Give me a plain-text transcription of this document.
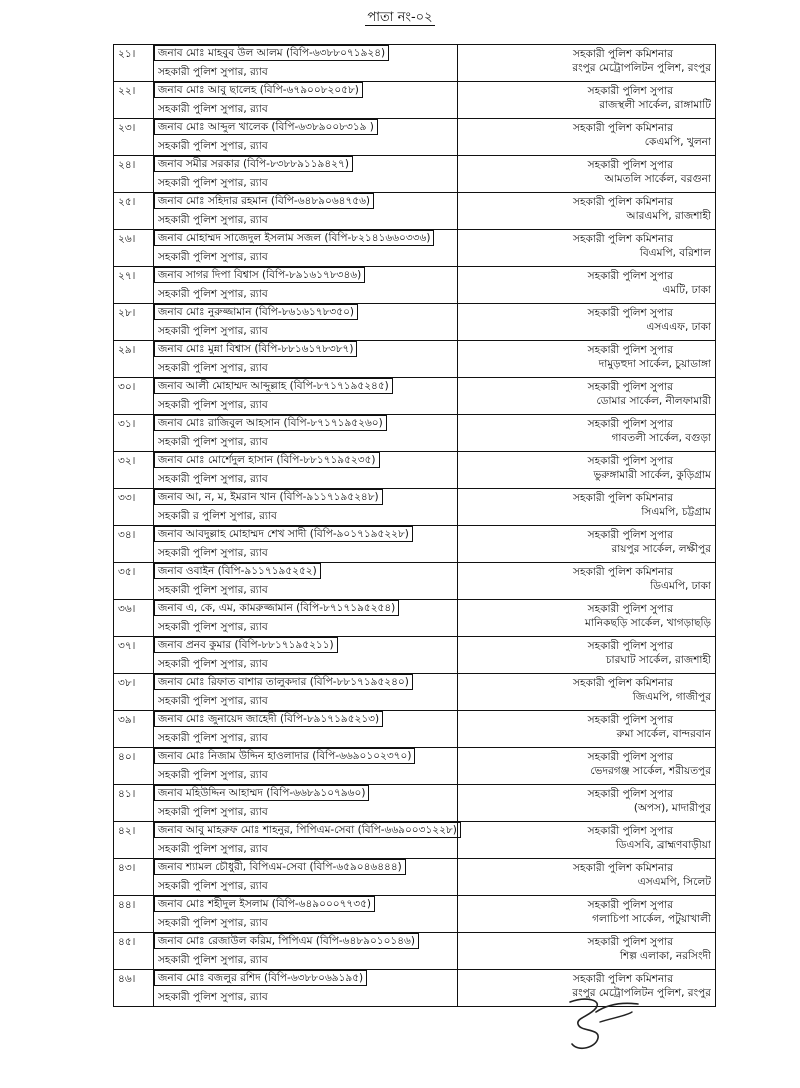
পাতা নং-০২
২১।	জনাব মোঃ মাহবুব উল আলম (বিপি-৬৩৮৮০৭১৯২৪)
সহকারী পুলিশ সুপার, র‍্যাব	সহকারী পুলিশ কমিশনার
রংপুর মেট্রোপলিটন পুলিশ, রংপুর

২২।	জনাব মোঃ আবু ছালেহ (বিপি-৬৭৯০০৮২০৫৮)
সহকারী পুলিশ সুপার, র‍্যাব	সহকারী পুলিশ সুপার
রাজস্থলী সার্কেল, রাঙ্গামাটি

২৩।	জনাব মোঃ আব্দুল খালেক (বিপি-৬৩৮৯০০৮৩১৯ )
সহকারী পুলিশ সুপার, র‍্যাব	সহকারী পুলিশ কমিশনার
কেএমপি, খুলনা

২৪।	জনাব সমীর সরকার (বিপি-৮৩৮৮৯১১৯৪২৭)
সহকারী পুলিশ সুপার, র‍্যাব	সহকারী পুলিশ সুপার
আমতলি সার্কেল, বরগুনা

২৫।	জনাব মোঃ সহিদার রহমান (বিপি-৬৪৮৯০৬৪৭৫৬)
সহকারী পুলিশ সুপার, র‍্যাব	সহকারী পুলিশ কমিশনার
আরএমপি, রাজশাহী

২৬।	জনাব মোহাম্মদ সাজেদুল ইসলাম সজল (বিপি-৮২১৪১৬৬০৩৩৬)
সহকারী পুলিশ সুপার, র‍্যাব	সহকারী পুলিশ কমিশনার
বিএমপি, বরিশাল

২৭।	জনাব সাগর দিপা বিশ্বাস (বিপি-৮৯১৬১৭৮৩৪৬)
সহকারী পুলিশ সুপার, র‍্যাব	সহকারী পুলিশ সুপার
এমটি, ঢাকা

২৮।	জনাব মোঃ নুরুজ্জামান (বিপি-৮৬১৬১৭৮৩৫০)
সহকারী পুলিশ সুপার, র‍্যাব	সহকারী পুলিশ সুপার
এসএএফ, ঢাকা

২৯।	জনাব মোঃ মুন্না বিশ্বাস (বিপি-৮৮১৬১৭৮৩৮৭)
সহকারী পুলিশ সুপার, র‍্যাব	সহকারী পুলিশ সুপার
দামুড়হুদা সার্কেল, চুয়াডাঙ্গা

৩০।	জনাব আলী মোহাম্মদ আব্দুল্লাহ (বিপি-৮৭১৭১৯৫২৪৫)
সহকারী পুলিশ সুপার, র‍্যাব	সহকারী পুলিশ সুপার
ডোমার সার্কেল, নীলফামারী

৩১।	জনাব মোঃ রাজিবুল আহসান (বিপি-৮৭১৭১৯৫২৬০)
সহকারী পুলিশ সুপার, র‍্যাব	সহকারী পুলিশ সুপার
গাবতলী সার্কেল, বগুড়া

৩২।	জনাব মোঃ মোর্শেদুল হাসান (বিপি-৮৮১৭১৯৫২৩৫)
সহকারী পুলিশ সুপার, র‍্যাব	সহকারী পুলিশ সুপার
ভুরুঙ্গামারী সার্কেল, কুড়িগ্রাম

৩৩।	জনাব আ, ন, ম, ইমরান খান (বিপি-৯১১৭১৯৫২৪৮)
সহকারী র পুলিশ সুপার, র‍্যাব	সহকারী পুলিশ কমিশনার
সিএমপি, চট্টগ্রাম

৩৪।	জনাব আবদুল্লাহ মোহাম্মদ শেখ সাদী (বিপি-৯০১৭১৯৫২২৮)
সহকারী পুলিশ সুপার, র‍্যাব	সহকারী পুলিশ সুপার
রায়পুর সার্কেল, লক্ষীপুর

৩৫।	জনাব ওবাইন (বিপি-৯১১৭১৯৫২৫২)
সহকারী পুলিশ সুপার, র‍্যাব	সহকারী পুলিশ কমিশনার
ডিএমপি, ঢাকা

৩৬।	জনাব এ, কে, এম, কামরুজ্জামান (বিপি-৮৭১৭১৯৫২৫৪)
সহকারী পুলিশ সুপার, র‍্যাব	সহকারী পুলিশ সুপার
মানিকছড়ি সার্কেল, খাগড়াছড়ি

৩৭।	জনাব প্রনব কুমার (বিপি-৮৮১৭১৯৫২১১)
সহকারী পুলিশ সুপার, র‍্যাব	সহকারী পুলিশ সুপার
চারঘাট সার্কেল, রাজশাহী

৩৮।	জনাব মোঃ রিফাত বাশার তালুকদার (বিপি-৮৮১৭১৯৫২৪০)
সহকারী পুলিশ সুপার, র‍্যাব	সহকারী পুলিশ কমিশনার
জিএমপি, গাজীপুর

৩৯।	জনাব মোঃ জুনায়েদ জাহেদী (বিপি-৮৯১৭১৯৫২১৩)
সহকারী পুলিশ সুপার, র‍্যাব	সহকারী পুলিশ সুপার
রুমা সার্কেল, বান্দরবান

৪০।	জনাব মোঃ নিজাম উদ্দিন হাওলাদার (বিপি-৬৬৯০১০২৩৭০)
সহকারী পুলিশ সুপার, র‍্যাব	সহকারী পুলিশ সুপার
ভেদরগঞ্জ সার্কেল, শরীয়তপুর

৪১।	জনাব মহিউদ্দিন আহাম্মদ (বিপি-৬৬৮৯১০৭৯৬০)
সহকারী পুলিশ সুপার, র‍্যাব	সহকারী পুলিশ সুপার
(অপস), মাদারীপুর

৪২।	জনাব আবু মাহরুফ মোঃ শাহনুর, পিপিএম-সেবা (বিপি-৬৬৯০০৩১২২৮)
সহকারী পুলিশ সুপার, র‍্যাব	সহকারী পুলিশ সুপার
ডিএসবি, ব্রাহ্মণবাড়ীয়া

৪৩।	জনাব শ্যামল চৌধুরী, বিপিএম-সেবা (বিপি-৬৫৯০৪৬৪৪৪)
সহকারী পুলিশ সুপার, র‍্যাব	সহকারী পুলিশ কমিশনার
এসএমপি, সিলেট

৪৪।	জনাব মোঃ শহীদুল ইসলাম (বিপি-৬৪৯০০০৭৭৩৫)
সহকারী পুলিশ সুপার, র‍্যাব	সহকারী পুলিশ সুপার
গলাচিপা সার্কেল, পটুয়াখালী

৪৫।	জনাব মোঃ রেজাউল করিম, পিপিএম (বিপি-৬৪৮৯০১০১৪৬)
সহকারী পুলিশ সুপার, র‍্যাব	সহকারী পুলিশ সুপার
শিল্প এলাকা, নরসিংদী

৪৬।	জনাব মোঃ বজলুর রশিদ (বিপি-৬৩৮৮০৬৯১৯৫)
সহকারী পুলিশ সুপার, র‍্যাব	সহকারী পুলিশ কমিশনার
রংপুর মেট্রোপলিটন পুলিশ, রংপুর
